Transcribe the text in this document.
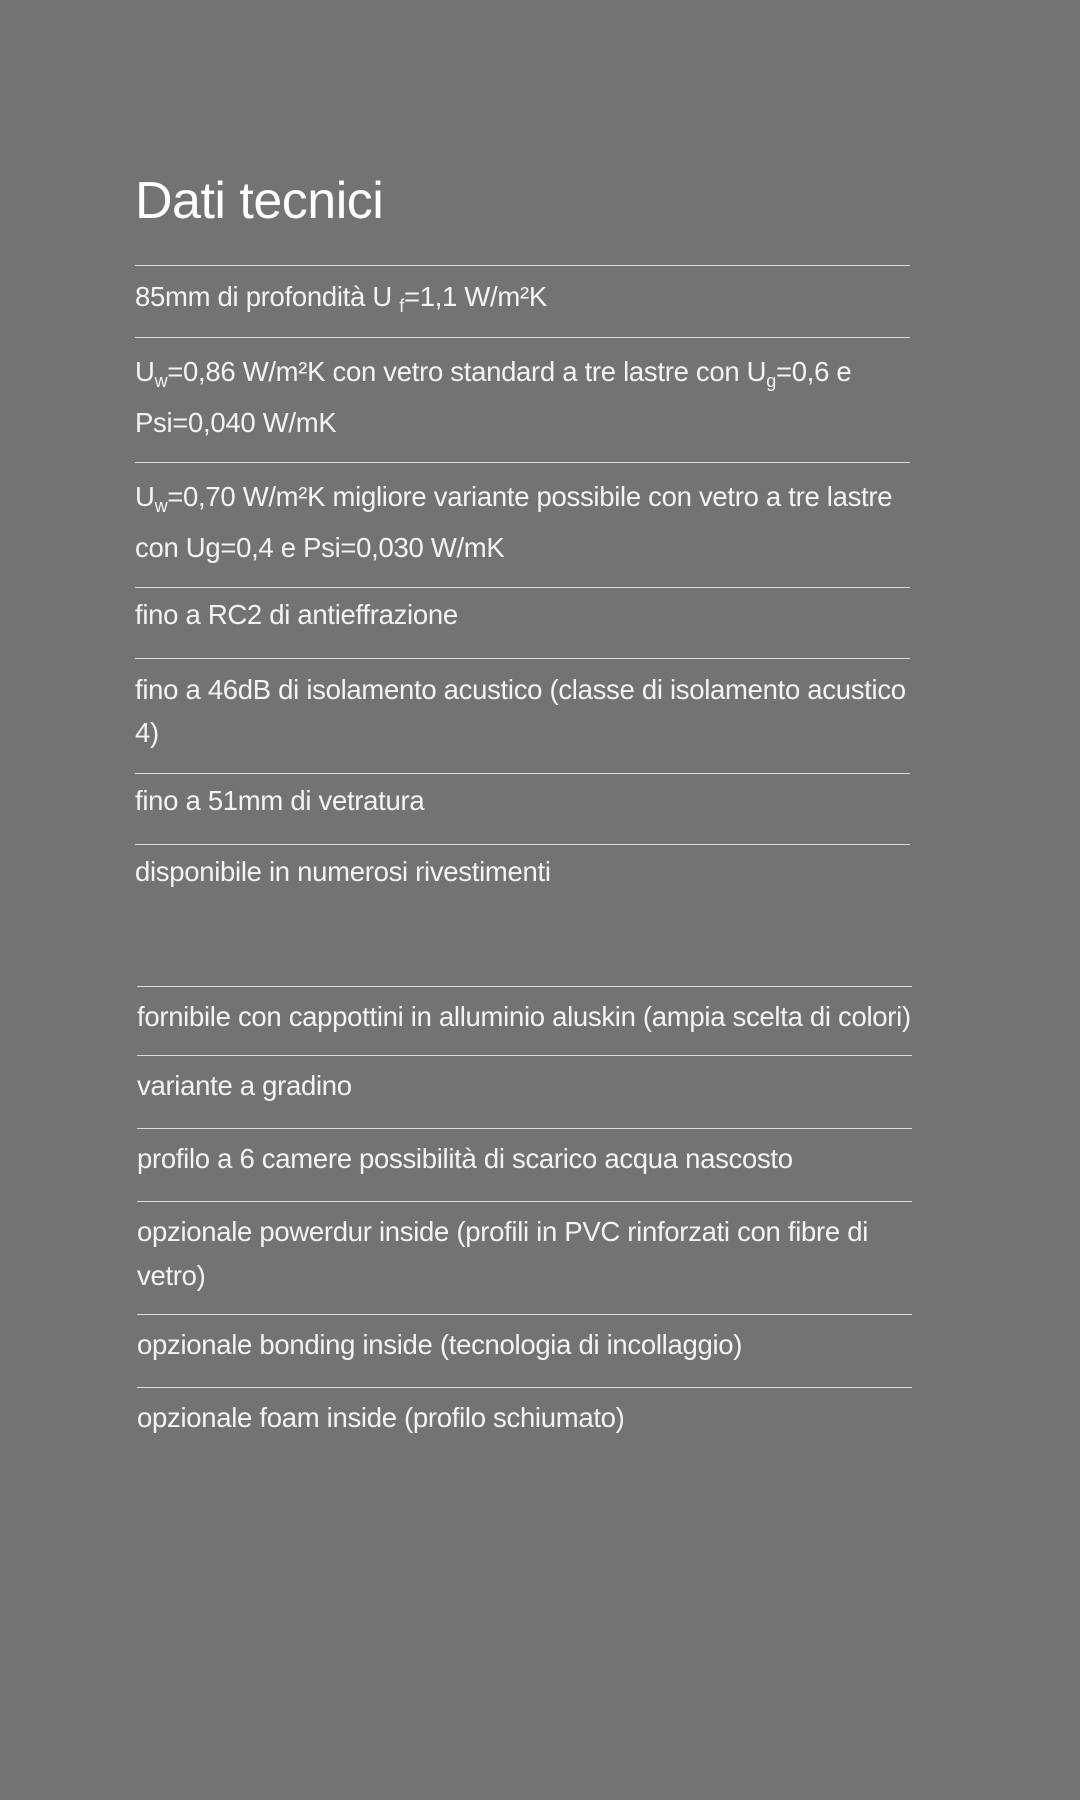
Dati tecnici
85mm di profondità U $_f$=1,1 W/m²K
$U_w=0,86$ W/m²K con vetro standard a tre lastre con $U_g=0,6$ e Psi=0,040 W/mK
$U_w=0,70$ W/m²K migliore variante possibile con vetro a tre lastre con Ug=0,4 e Psi=0,030 W/mK
fino a RC2 di antieffrazione
fino a 46dB di isolamento acustico (classe di isolamento acustico 4)
fino a 51mm di vetratura
disponibile in numerosi rivestimenti
fornibile con cappottini in alluminio aluskin (ampia scelta di colori)
variante a gradino
profilo a 6 camere possibilità di scarico acqua nascosto
opzionale powerdur inside (profili in PVC rinforzati con fibre di vetro)
opzionale bonding inside (tecnologia di incollaggio)
opzionale foam inside (profilo schiumato)
